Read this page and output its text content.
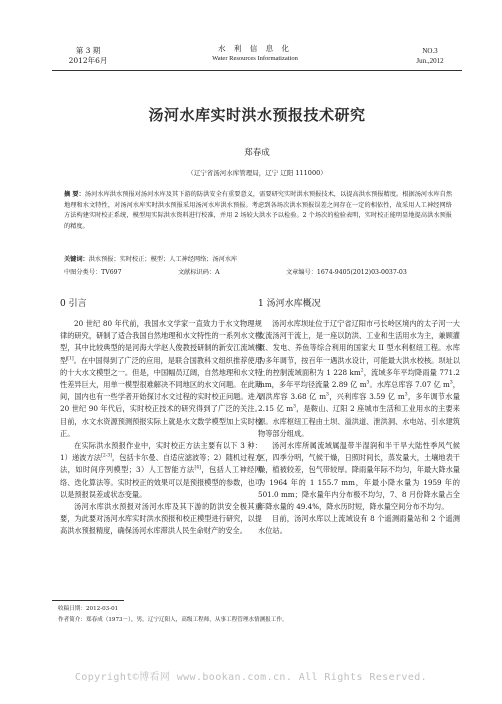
第 3 期
2012年6月
水 利 信 息 化
Water Resources Informatization
NO.3
Jun.,2012
汤河水库实时洪水预报技术研究
郑春成
（辽宁省汤河水库管理局，辽宁 辽阳 111000）

摘 要：汤河水库洪水预报对汤河水库及其下游的防洪安全有重要意义，需要研究实时洪水预报技术，以提高洪水预报精度。根据汤河水库自然地理和水文特性，对汤河水库实时洪水预报采用汤河水库洪水预报。考虑到各场次洪水预报误差之间存在一定的相依性，故采用人工神经网络方法构建实时校正系统，模型用实际洪水资料进行校准，并用 2 场较大洪水予以检验。2 个场次的检验表明，实时校正能明显地提高洪水预报的精度。

关键词：洪水预报；实时校正；模型；人工神经网络；汤河水库
中图分类号：TV697	文献标识码：A	文章编号：1674-9405(2012)03-0037-03
0 引言

20 世纪 80 年代前，我国水文学家一直致力于水文物理规律的研究，研制了适合我国自然地理和水文特性的一系列水文模型，其中比较典型的是河海大学赵人俊教授研制的新安江流域模型[1]。在中国得到了广泛的应用，是联合国教科文组织推荐使用的十大水文模型之一。但是，中国幅员辽阔，自然地理和水文特性差异巨大，用单一模型很难解决不同地区的水文问题。在此期间，国内也有一些学者开始探讨水文过程的实时校正问题。进入 20 世纪 90 年代后，实时校正技术的研究得到了广泛的关注。目前，水文水资源预测预报实际上就是水文数学模型加上实时校正。

在实际洪水预报作业中，实时校正方法主要有以下 3 种：1）递波方法[2-3]，包括卡尔曼、自适应滤波等；2）随机过程方法，如时间序列模型；3）人工智能方法[4]，包括人工神经网络、迭化算法等。实时校正的效果可以是预报模型的参数，也可以是预报误差或状态变量。

汤河水库洪水预报对汤河水库及其下游的防洪安全极其重要，为此要对汤河水库实时洪水预报和校正模型进行研究，以提高洪水预报精度，确保汤河水库滞洪人民生命财产的安全。

1 汤河水库概况

汤河水库坝址位于辽宁省辽阳市弓长岭区境内的太子河一大支流汤河干流上，是一座以防洪、工业和生活用水为主，兼顾灌溉、发电、养鱼等综合利用的国家大 II 型水利枢纽工程。水库为多年调节，按百年一遇洪水设计，可能最大洪水校核。坝址以上的控制流域面积为 1 228 $km^2$，流域多年平均降雨量 771.2 mm，多年平均径流量 2.89 亿 $m^3$。水库总库容 7.07 亿 $m^3$，调洪库容 3.68 亿 $m^3$，兴利库容 3.59 亿 $m^3$，多年调节水量 2.15 亿 $m^3$，是鞍山、辽阳 2 座城市生活和工业用水的主要来源。水库枢纽工程由土坝、溢洪道、泄洪洞、水电站、引水建筑物等部分组成。

汤河水库所属流域属温带半湿润和半干旱大陆性季风气候区，四季分明，气候干燥，日照时间长，蒸发量大，土壤地表干燥，植被较差，包气带较厚。降雨量年际不均匀，年最大降水量为 1964 年的 1 155.7 mm，年最小降水量为 1959 年的 501.0 mm；降水量年内分布极不均匀，7、8 月份降水量占全年降水量的 49.4%，降水历时短，降水量空间分布不均匀。

目前，汤河水库以上流域设有 8 个遥测雨量站和 2 个遥测水位站。

收稿日期：2012-03-01
作者简介：郑春成（1973－），男，辽宁辽阳人，高级工程师，从事工程管理水情测报工作。
Copyright©博看网 www.bookan.com.cn. All Rights Reserved.
